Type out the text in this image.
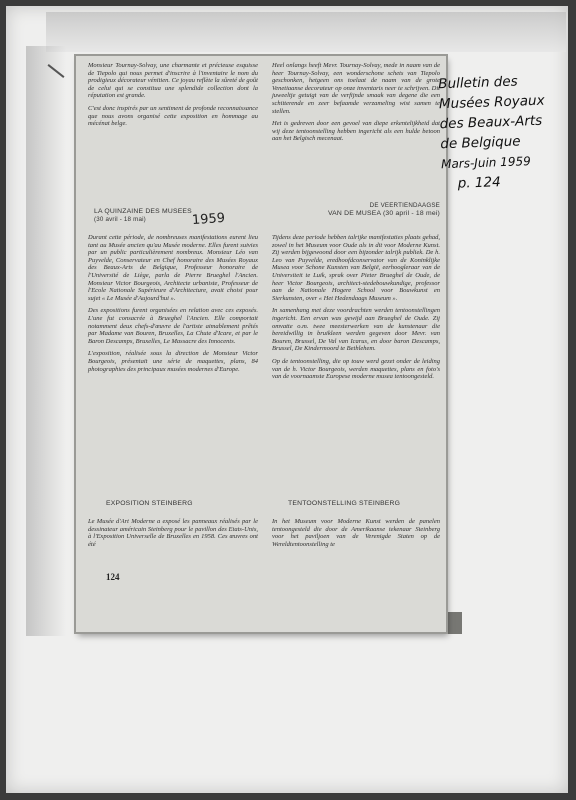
Monsieur Tournay-Solvay, une charmante et précieuse esquisse de Tiepolo qui nous permet d'inscrire à l'inventaire le nom du prodigieux décorateur vénitien. Ce joyau reflète la sûreté de goût de celui qui se constitua une splendide collection dont la réputation est grande.

C'est donc inspirés par un sentiment de profonde reconnaissance que nous avons organisé cette exposition en hommage au mécénat belge.

LA QUINZAINE DES MUSEES
(30 avril - 18 mai)

Durant cette période, de nombreuses manifestations eurent lieu tant au Musée ancien qu'au Musée moderne. Elles furent suivies par un public particulièrement nombreux. Monsieur Léo van Puyvelde, Conservateur en Chef honoraire des Musées Royaux des Beaux-Arts de Belgique, Professeur honoraire de l'Université de Liège, parla de Pierre Brueghel l'Ancien. Monsieur Victor Bourgeois, Architecte urbaniste, Professeur de l'Ecole Nationale Supérieure d'Architecture, avait choisi pour sujet « Le Musée d'Aujourd'hui ».

Des expositions furent organisées en relation avec ces exposés. L'une fut consacrée à Brueghel l'Ancien. Elle comportait notamment deux chefs-d'œuvre de l'artiste aimablement prêtés par Madame van Bouren, Bruxelles, La Chute d'Icare, et par le Baron Descamps, Bruxelles, Le Massacre des Innocents.

L'exposition, réalisée sous la direction de Monsieur Victor Bourgeois, présentait une série de maquettes, plans, 84 photographies des principaux musées modernes d'Europe.

EXPOSITION STEINBERG

Le Musée d'Art Moderne a exposé les panneaux réalisés par le dessinateur américain Steinberg pour le pavillon des Etats-Unis, à l'Exposition Universelle de Bruxelles en 1958. Ces œuvres ont été

Heel onlangs heeft Mevr. Tournay-Solvay, mede in naam van de heer Tournay-Solvay, een wonderschone schets van Tiepolo geschonken, hetgeen ons toelaat de naam van de grote Venetiaanse decorateur op onze inventaris neer te schrijven. Dit juweeltje getuigt van de verfijnde smaak van degene die een schitterende en zeer befaamde verzameling wist samen te stellen.

Het is gedreven door een gevoel van diepe erkentelijkheid dat wij deze tentoonstelling hebben ingericht als een hulde betoon aan het Belgisch mecenaat.

DE VEERTIENDAAGSE
VAN DE MUSEA (30 april - 18 mei)

Tijdens deze periode hebben talrijke manifestaties plaats gehad, zowel in het Museum voor Oude als in dit voor Moderne Kunst. Zij werden bijgewoond door een bijzonder talrijk publiek. De h. Leo van Puyvelde, eredhoofdconservator van de Koninklijke Musea voor Schone Kunsten van België, eerhoogleraar van de Universiteit te Luik, sprak over Pieter Brueghel de Oude, de heer Victor Bourgeois, architect-stedebouwkundige, professor aan de Nationale Hogere School voor Bouwkunst en Sierkunsten, over « Het Hedendaags Museum ».

In samenhang met deze voordrachten werden tentoonstellingen ingericht. Een ervan was gewijd aan Brueghel de Oude. Zij omvatte o.m. twee meesterwerken van de kunstenaar die bereidwillig in bruikleen werden gegeven door Mevr. van Bouren, Brussel, De Val van Icarus, en door baron Descamps, Brussel, De Kindermoord te Bethlehem.

Op de tentoonstelling, die op touw werd gezet onder de leiding van de h. Victor Bourgeois, werden maquettes, plans en foto's van de voornaamste Europese moderne musea tentoongesteld.

TENTOONSTELLING STEINBERG

In het Museum voor Moderne Kunst werden de panelen tentoongesteld die door de Amerikaanse tekenaar Steinberg voor het paviljoen van de Verenigde Staten op de Wereldtentoonstelling te

1959
124
Bulletin des
Musées Royaux
des Beaux-Arts
de Belgique
Mars-Juin 1959
p. 124
